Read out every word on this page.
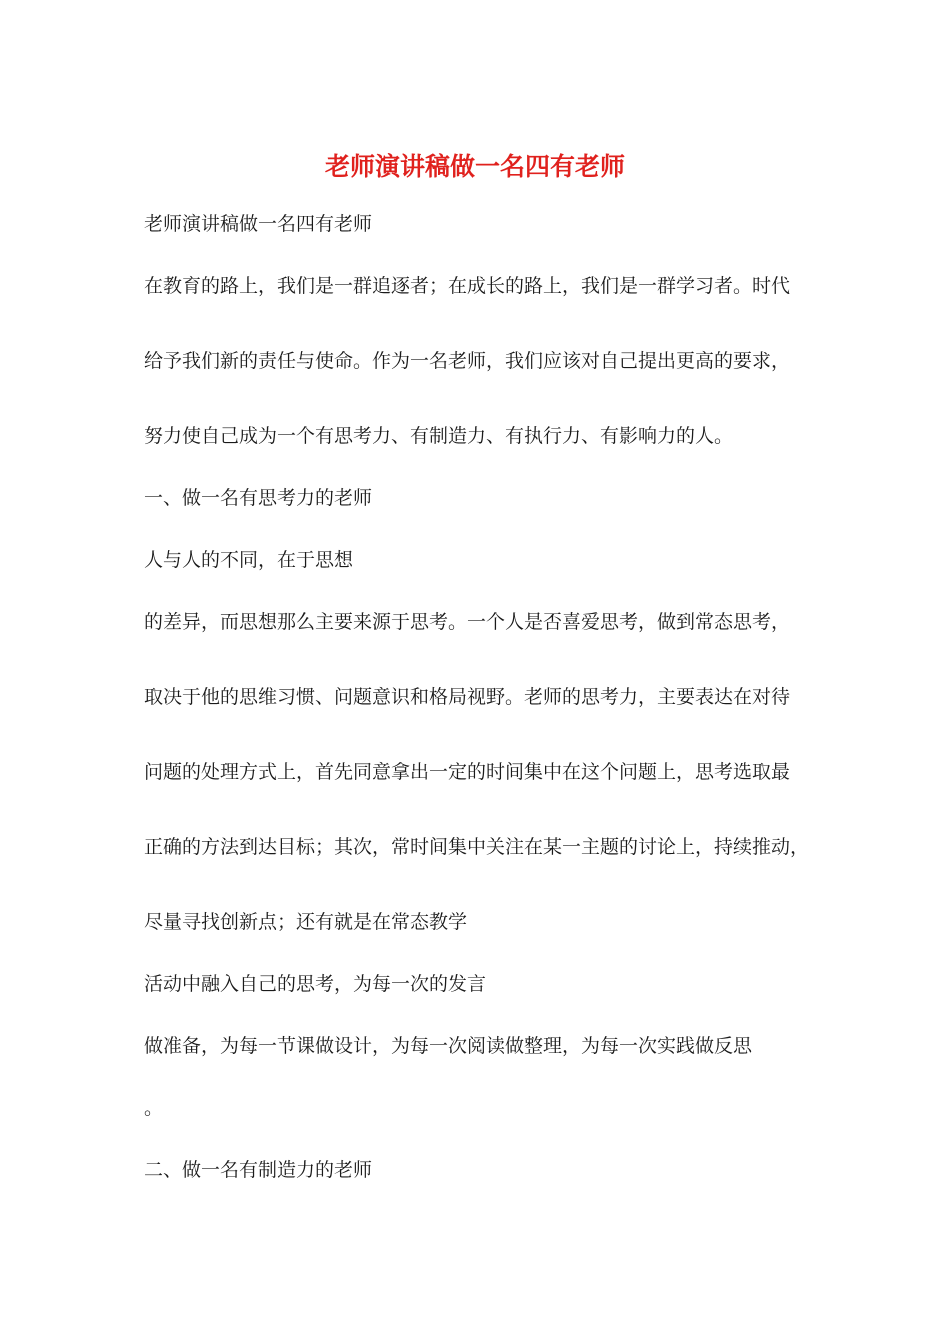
老师演讲稿做一名四有老师
老师演讲稿做一名四有老师
在教育的路上，我们是一群追逐者；在成长的路上，我们是一群学习者。时代
给予我们新的责任与使命。作为一名老师，我们应该对自己提出更高的要求，
努力使自己成为一个有思考力、有制造力、有执行力、有影响力的人。
一、做一名有思考力的老师
人与人的不同，在于思想
的差异，而思想那么主要来源于思考。一个人是否喜爱思考，做到常态思考，
取决于他的思维习惯、问题意识和格局视野。老师的思考力，主要表达在对待
问题的处理方式上，首先同意拿出一定的时间集中在这个问题上，思考选取最
正确的方法到达目标；其次，常时间集中关注在某一主题的讨论上，持续推动，
尽量寻找创新点；还有就是在常态教学
活动中融入自己的思考，为每一次的发言
做准备，为每一节课做设计，为每一次阅读做整理，为每一次实践做反思
。
二、做一名有制造力的老师
